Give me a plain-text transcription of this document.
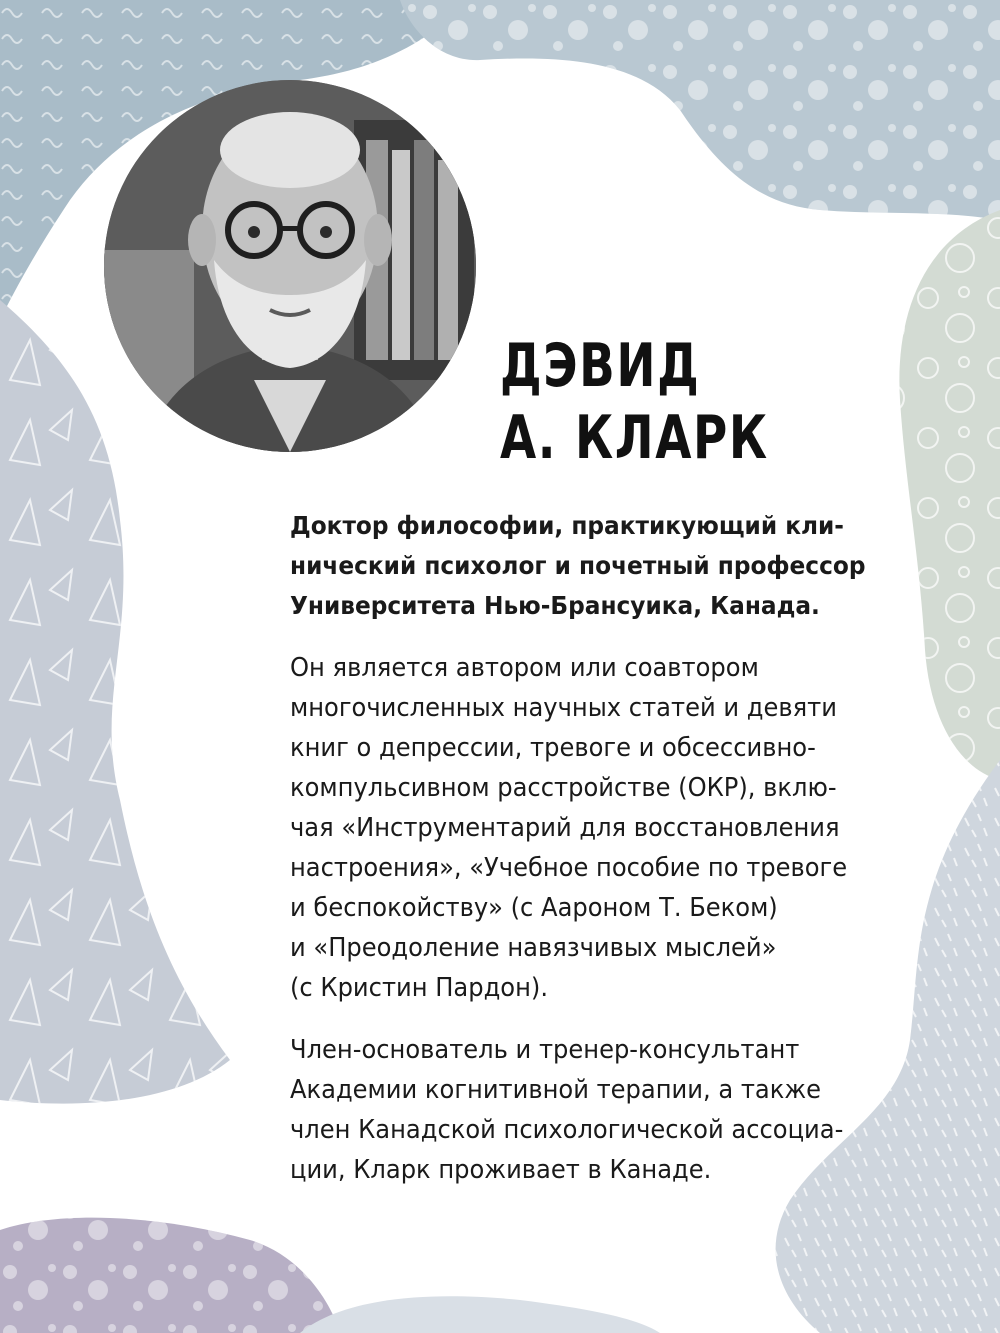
ДЭВИД
А. КЛАРК

Доктор философии, практикующий кли-
нический психолог и почетный профессор
Университета Нью-Брансуика, Канада.

Он является автором или соавтором
многочисленных научных статей и девяти
книг о депрессии, тревоге и обсессивно-
компульсивном расстройстве (ОКР), вклю-
чая «Инструментарий для восстановления
настроения», «Учебное пособие по тревоге
и беспокойству» (с Аароном Т. Беком)
и «Преодоление навязчивых мыслей»
(с Кристин Пардон).

Член-основатель и тренер-консультант
Академии когнитивной терапии, а также
член Канадской психологической ассоциа-
ции, Кларк проживает в Канаде.
